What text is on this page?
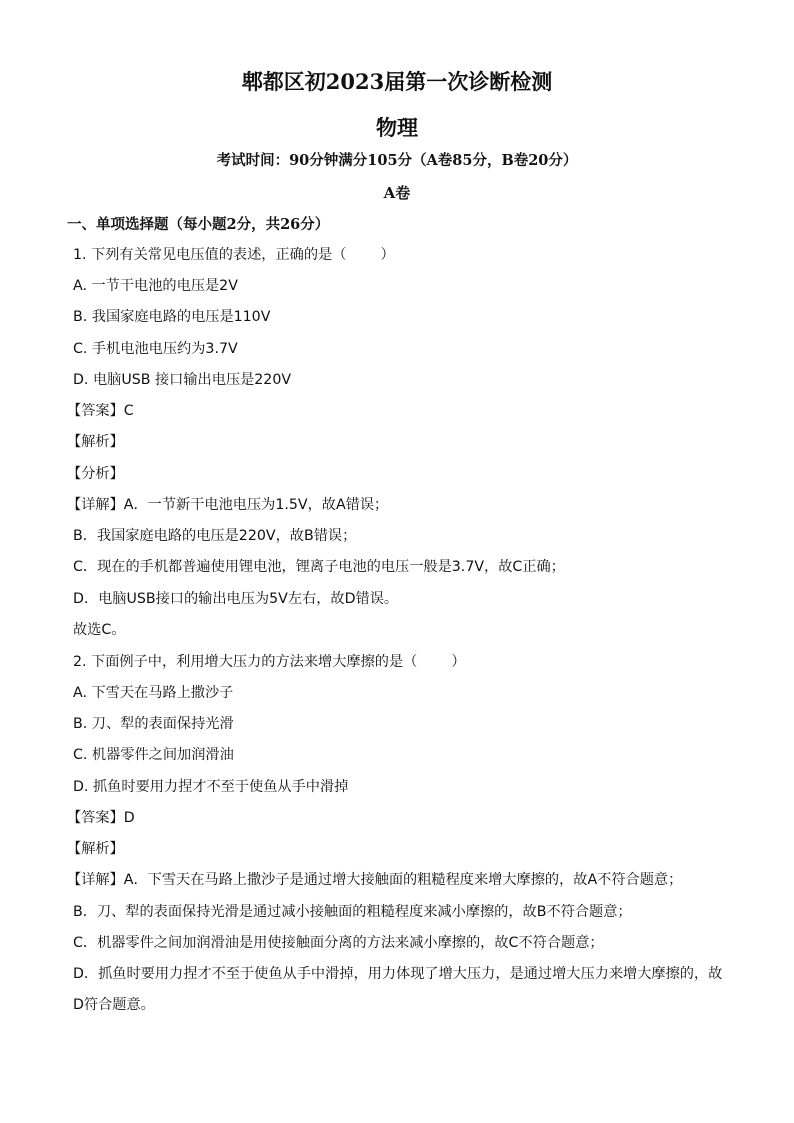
郫都区初2023届第一次诊断检测
物理
考试时间：90分钟满分105分（A卷85分，B卷20分）
A卷
一、单项选择题（每小题2分，共26分）
1. 下列有关常见电压值的表述，正确的是（ ）
A. 一节干电池的电压是2V
B. 我国家庭电路的电压是110V
C. 手机电池电压约为3.7V
D. 电脑USB 接口输出电压是220V
【答案】C
【解析】
【分析】
【详解】A．一节新干电池电压为1.5V，故A错误；
B．我国家庭电路的电压是220V，故B错误；
C．现在的手机都普遍使用锂电池，锂离子电池的电压一般是3.7V，故C正确；
D．电脑USB接口的输出电压为5V左右，故D错误。
故选C。
2. 下面例子中，利用增大压力的方法来增大摩擦的是（ ）
A. 下雪天在马路上撒沙子
B. 刀、犁的表面保持光滑
C. 机器零件之间加润滑油
D. 抓鱼时要用力捏才不至于使鱼从手中滑掉
【答案】D
【解析】
【详解】A．下雪天在马路上撒沙子是通过增大接触面的粗糙程度来增大摩擦的，故A不符合题意；
B．刀、犁的表面保持光滑是通过减小接触面的粗糙程度来减小摩擦的，故B不符合题意；
C．机器零件之间加润滑油是用使接触面分离的方法来减小摩擦的，故C不符合题意；
D．抓鱼时要用力捏才不至于使鱼从手中滑掉，用力体现了增大压力，是通过增大压力来增大摩擦的，故
D符合题意。
